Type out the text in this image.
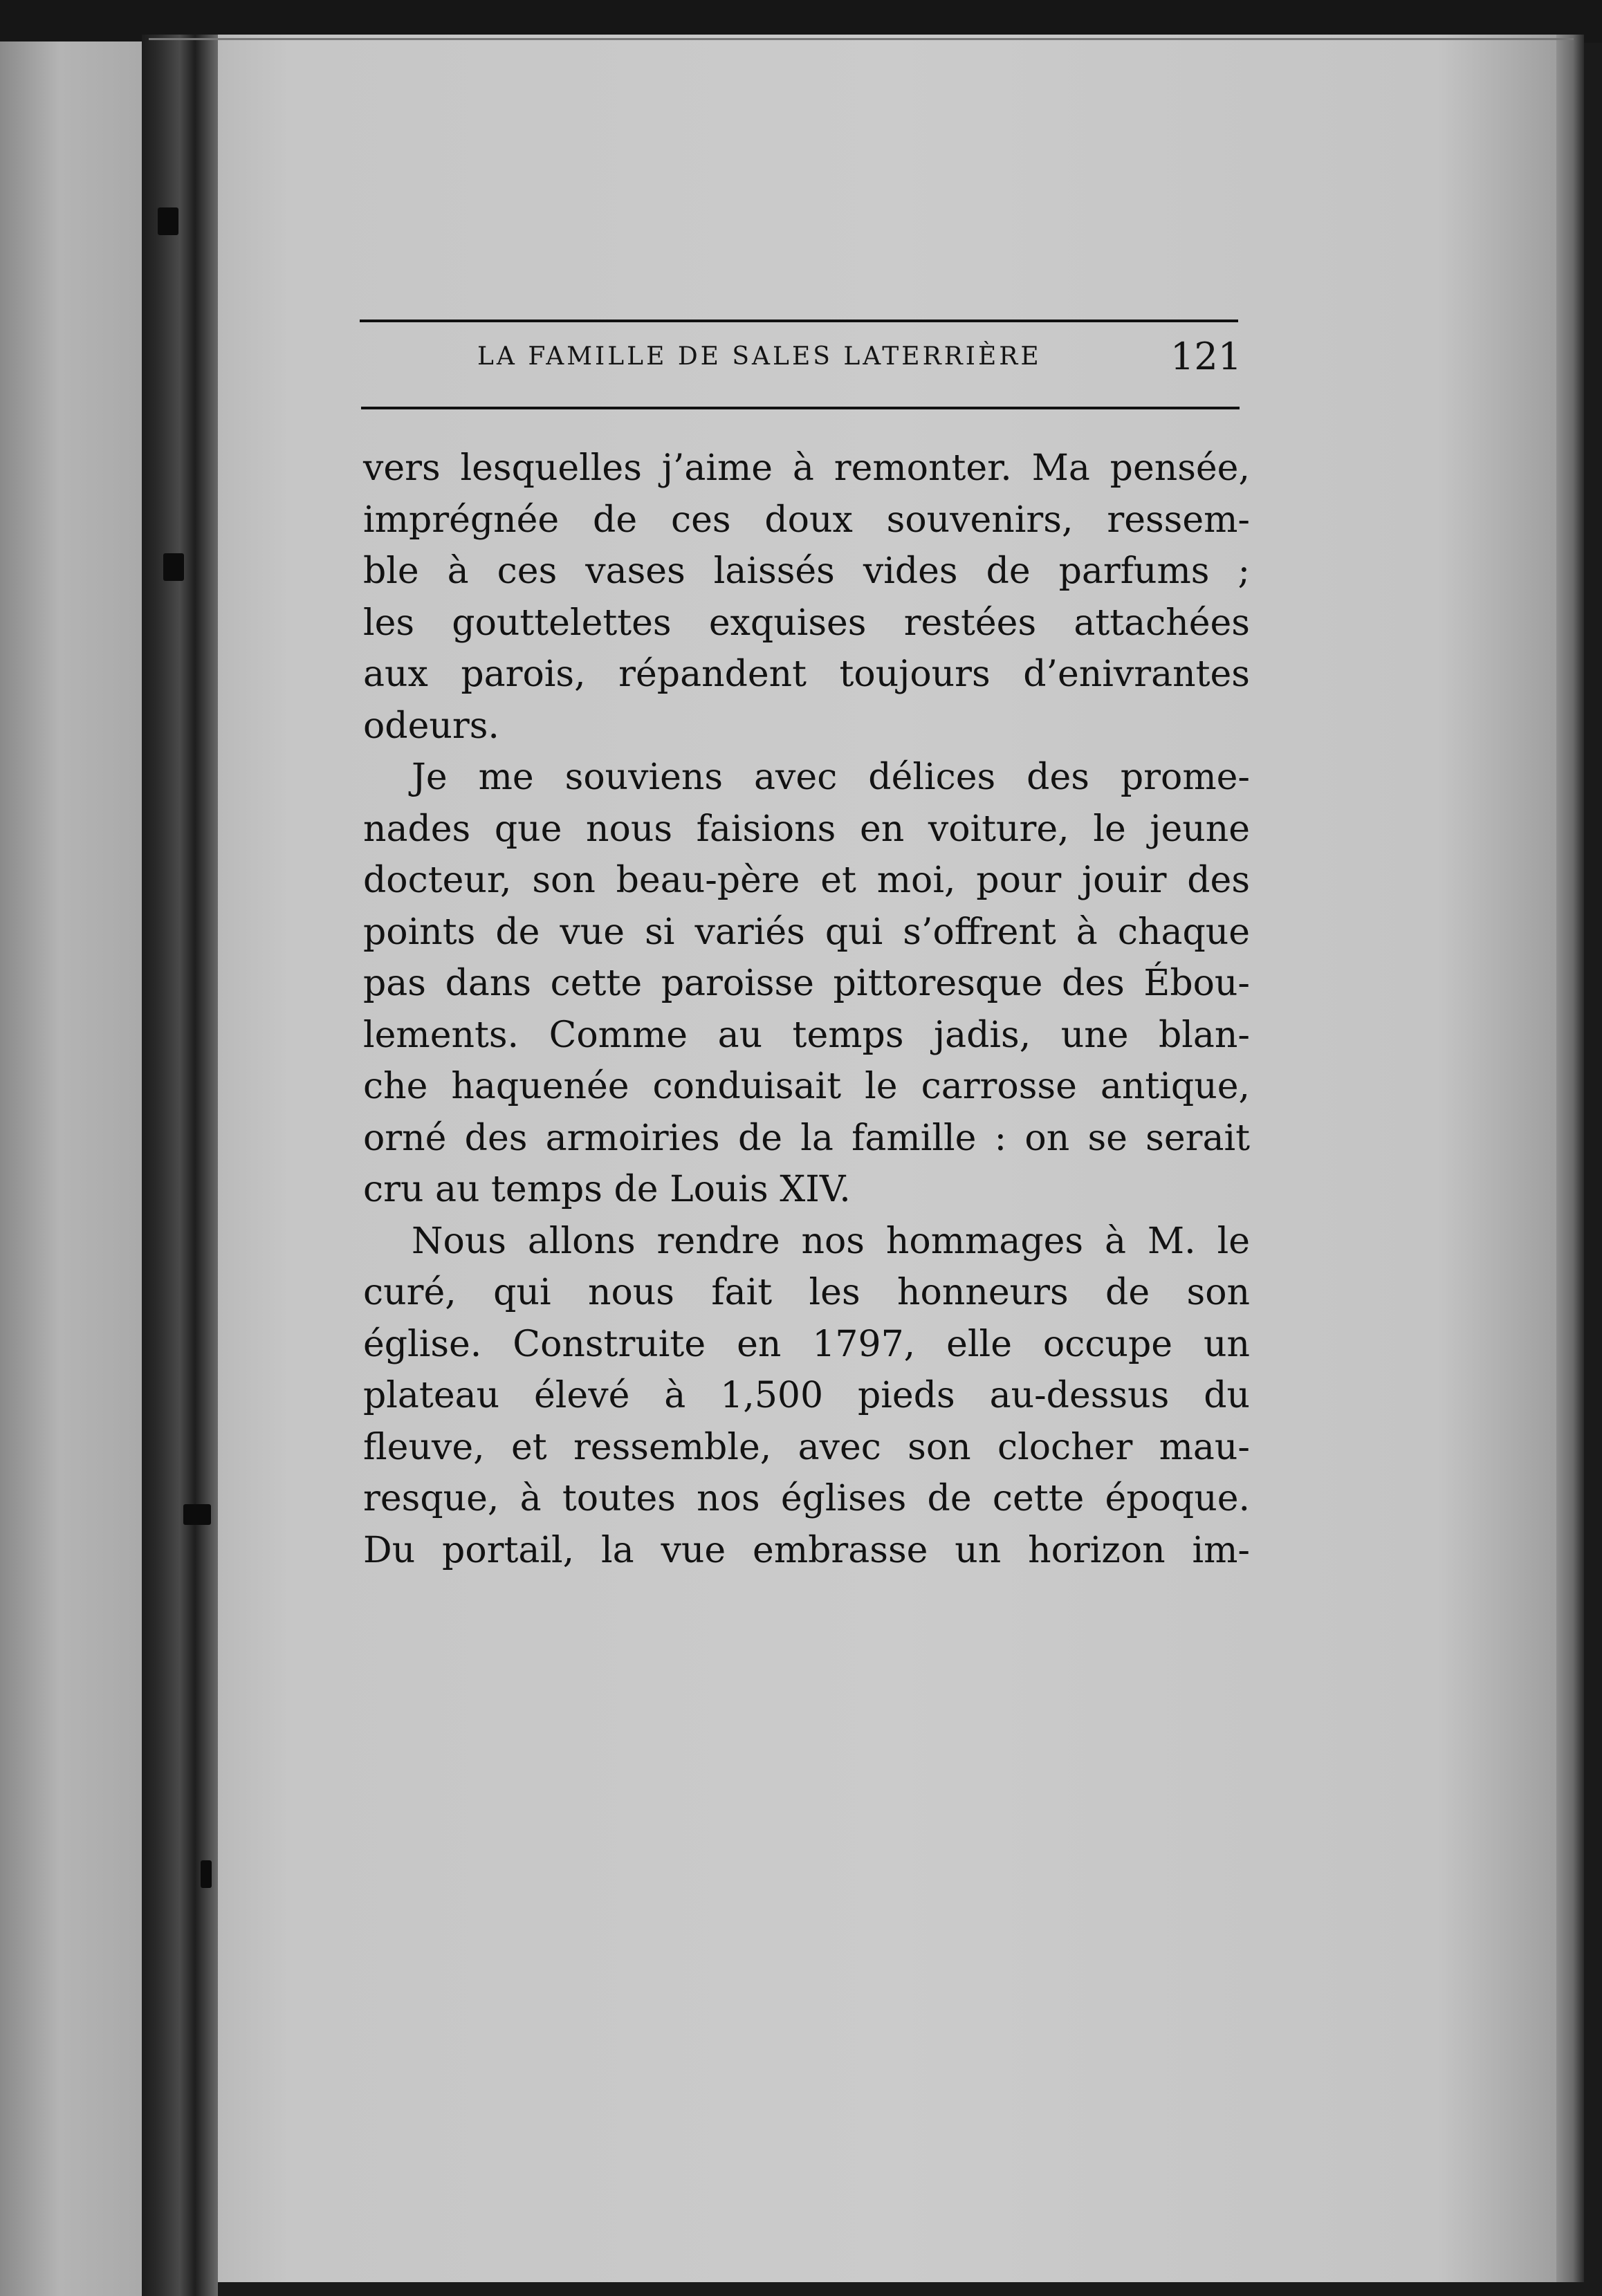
LA FAMILLE DE SALES LATERRIÈRE	121
vers lesquelles j’aime à remonter. Ma pensée,
imprégnée de ces doux souvenirs, ressem-
ble à ces vases laissés vides de parfums ;
les gouttelettes exquises restées attachées
aux parois, répandent toujours d’enivrantes
odeurs.
Je me souviens avec délices des prome-
nades que nous faisions en voiture, le jeune
docteur, son beau-père et moi, pour jouir des
points de vue si variés qui s’offrent à chaque
pas dans cette paroisse pittoresque des Ébou-
lements. Comme au temps jadis, une blan-
che haquenée conduisait le carrosse antique,
orné des armoiries de la famille : on se serait
cru au temps de Louis XIV.
Nous allons rendre nos hommages à M. le
curé, qui nous fait les honneurs de son
église. Construite en 1797, elle occupe un
plateau élevé à 1,500 pieds au-dessus du
fleuve, et ressemble, avec son clocher mau-
resque, à toutes nos églises de cette époque.
Du portail, la vue embrasse un horizon im-
